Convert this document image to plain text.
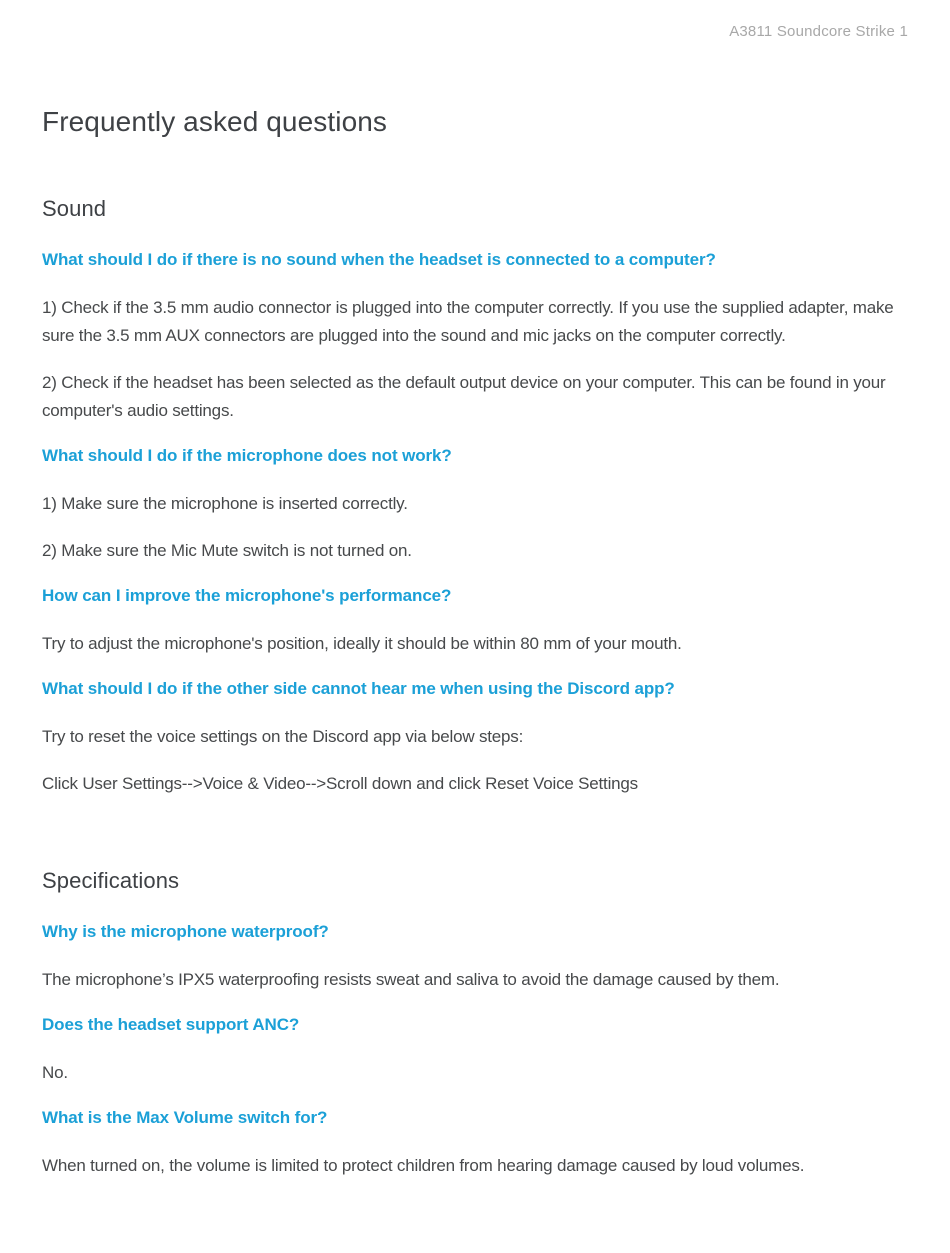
A3811 Soundcore Strike 1
Frequently asked questions
Sound
What should I do if there is no sound when the headset is connected to a computer?

1) Check if the 3.5 mm audio connector is plugged into the computer correctly. If you use the supplied adapter, make sure the 3.5 mm AUX connectors are plugged into the sound and mic jacks on the computer correctly.

2) Check if the headset has been selected as the default output device on your computer. This can be found in your computer's audio settings.

What should I do if the microphone does not work?

1) Make sure the microphone is inserted correctly.

2) Make sure the Mic Mute switch is not turned on.

How can I improve the microphone's performance?

Try to adjust the microphone's position, ideally it should be within 80 mm of your mouth.

What should I do if the other side cannot hear me when using the Discord app?

Try to reset the voice settings on the Discord app via below steps:

Click User Settings-->Voice & Video-->Scroll down and click Reset Voice Settings

Specifications
Why is the microphone waterproof?

The microphone’s IPX5 waterproofing resists sweat and saliva to avoid the damage caused by them.

Does the headset support ANC?

No.

What is the Max Volume switch for?

When turned on, the volume is limited to protect children from hearing damage caused by loud volumes.
